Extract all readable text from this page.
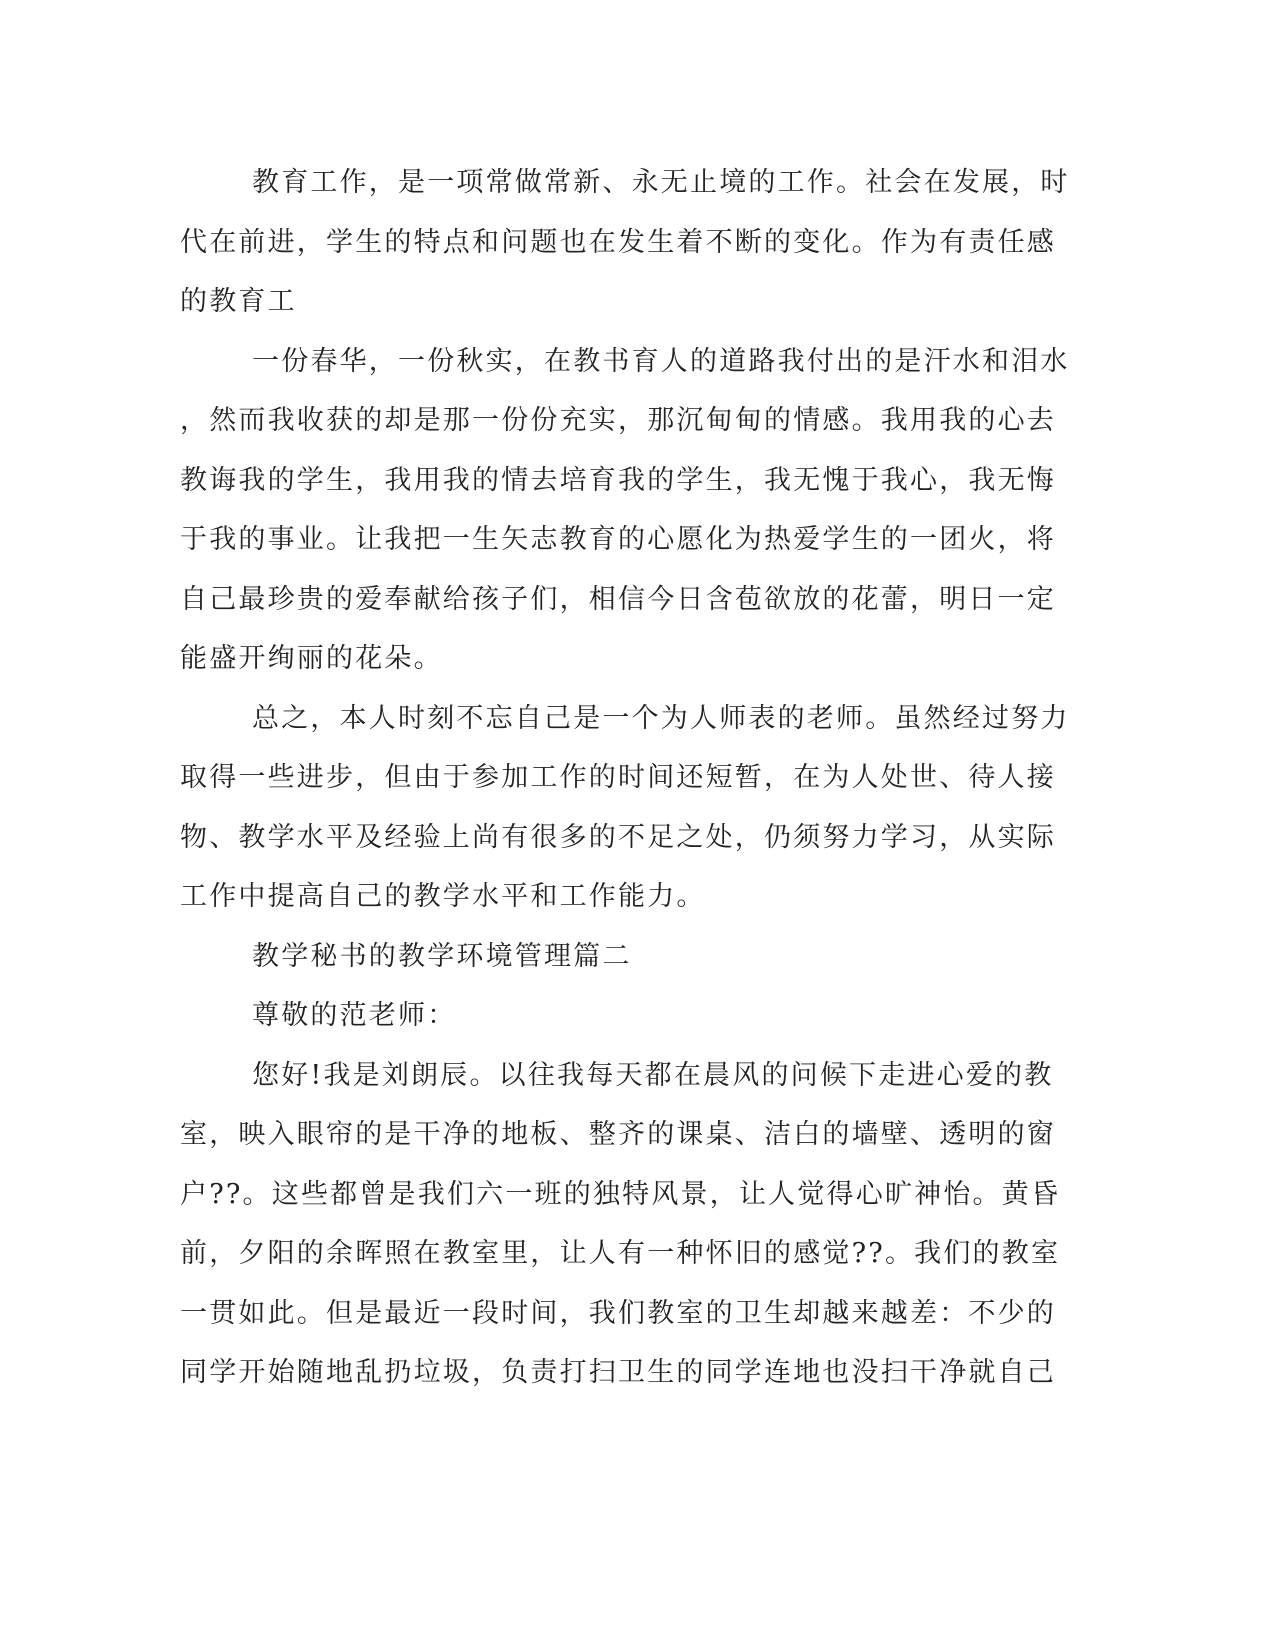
教育工作，是一项常做常新、永无止境的工作。社会在发展，时
代在前进，学生的特点和问题也在发生着不断的变化。作为有责任感
的教育工

一份春华，一份秋实，在教书育人的道路我付出的是汗水和泪水
，然而我收获的却是那一份份充实，那沉甸甸的情感。我用我的心去
教诲我的学生，我用我的情去培育我的学生，我无愧于我心，我无悔
于我的事业。让我把一生矢志教育的心愿化为热爱学生的一团火，将
自己最珍贵的爱奉献给孩子们，相信今日含苞欲放的花蕾，明日一定
能盛开绚丽的花朵。

总之，本人时刻不忘自己是一个为人师表的老师。虽然经过努力
取得一些进步，但由于参加工作的时间还短暂，在为人处世、待人接
物、教学水平及经验上尚有很多的不足之处，仍须努力学习，从实际
工作中提高自己的教学水平和工作能力。

教学秘书的教学环境管理篇二

尊敬的范老师：

您好!我是刘朗辰。以往我每天都在晨风的问候下走进心爱的教
室，映入眼帘的是干净的地板、整齐的课桌、洁白的墙壁、透明的窗
户??。这些都曾是我们六一班的独特风景，让人觉得心旷神怡。黄昏
前，夕阳的余晖照在教室里，让人有一种怀旧的感觉??。我们的教室
一贯如此。但是最近一段时间，我们教室的卫生却越来越差：不少的
同学开始随地乱扔垃圾，负责打扫卫生的同学连地也没扫干净就自己
